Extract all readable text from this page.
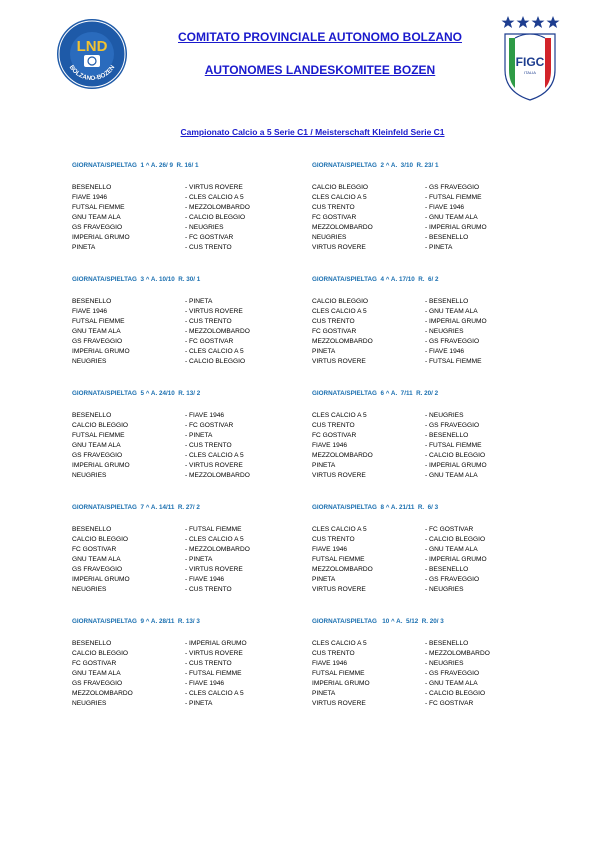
LND
BOLZANO-BOZEN	FIGC
ITALIA
COMITATO PROVINCIALE AUTONOMO BOLZANO
AUTONOMES LANDESKOMITEE BOZEN
Campionato Calcio a 5 Serie C1 / Meisterschaft Kleinfeld Serie C1
GIORNATA/SPIELTAG  1 ^ A. 26/ 9  R. 16/ 1
BESENELLO	- VIRTUS ROVERE
FIAVE 1946	- CLES CALCIO A 5
FUTSAL FIEMME	- MEZZOLOMBARDO
GNU TEAM ALA	- CALCIO BLEGGIO
GS FRAVEGGIO	- NEUGRIES
IMPERIAL GRUMO	- FC GOSTIVAR
PINETA	- CUS TRENTO
GIORNATA/SPIELTAG  2 ^ A.  3/10  R. 23/ 1
CALCIO BLEGGIO	- GS FRAVEGGIO
CLES CALCIO A 5	- FUTSAL FIEMME
CUS TRENTO	- FIAVE 1946
FC GOSTIVAR	- GNU TEAM ALA
MEZZOLOMBARDO	- IMPERIAL GRUMO
NEUGRIES	- BESENELLO
VIRTUS ROVERE	- PINETA
GIORNATA/SPIELTAG  3 ^ A. 10/10  R. 30/ 1
BESENELLO	- PINETA
FIAVE 1946	- VIRTUS ROVERE
FUTSAL FIEMME	- CUS TRENTO
GNU TEAM ALA	- MEZZOLOMBARDO
GS FRAVEGGIO	- FC GOSTIVAR
IMPERIAL GRUMO	- CLES CALCIO A 5
NEUGRIES	- CALCIO BLEGGIO
GIORNATA/SPIELTAG  4 ^ A. 17/10  R.  6/ 2
CALCIO BLEGGIO	- BESENELLO
CLES CALCIO A 5	- GNU TEAM ALA
CUS TRENTO	- IMPERIAL GRUMO
FC GOSTIVAR	- NEUGRIES
MEZZOLOMBARDO	- GS FRAVEGGIO
PINETA	- FIAVE 1946
VIRTUS ROVERE	- FUTSAL FIEMME
GIORNATA/SPIELTAG  5 ^ A. 24/10  R. 13/ 2
BESENELLO	- FIAVE 1946
CALCIO BLEGGIO	- FC GOSTIVAR
FUTSAL FIEMME	- PINETA
GNU TEAM ALA	- CUS TRENTO
GS FRAVEGGIO	- CLES CALCIO A 5
IMPERIAL GRUMO	- VIRTUS ROVERE
NEUGRIES	- MEZZOLOMBARDO
GIORNATA/SPIELTAG  6 ^ A.  7/11  R. 20/ 2
CLES CALCIO A 5	- NEUGRIES
CUS TRENTO	- GS FRAVEGGIO
FC GOSTIVAR	- BESENELLO
FIAVE 1946	- FUTSAL FIEMME
MEZZOLOMBARDO	- CALCIO BLEGGIO
PINETA	- IMPERIAL GRUMO
VIRTUS ROVERE	- GNU TEAM ALA
GIORNATA/SPIELTAG  7 ^ A. 14/11  R. 27/ 2
BESENELLO	- FUTSAL FIEMME
CALCIO BLEGGIO	- CLES CALCIO A 5
FC GOSTIVAR	- MEZZOLOMBARDO
GNU TEAM ALA	- PINETA
GS FRAVEGGIO	- VIRTUS ROVERE
IMPERIAL GRUMO	- FIAVE 1946
NEUGRIES	- CUS TRENTO
GIORNATA/SPIELTAG  8 ^ A. 21/11  R.  6/ 3
CLES CALCIO A 5	- FC GOSTIVAR
CUS TRENTO	- CALCIO BLEGGIO
FIAVE 1946	- GNU TEAM ALA
FUTSAL FIEMME	- IMPERIAL GRUMO
MEZZOLOMBARDO	- BESENELLO
PINETA	- GS FRAVEGGIO
VIRTUS ROVERE	- NEUGRIES
GIORNATA/SPIELTAG  9 ^ A. 28/11  R. 13/ 3
BESENELLO	- IMPERIAL GRUMO
CALCIO BLEGGIO	- VIRTUS ROVERE
FC GOSTIVAR	- CUS TRENTO
GNU TEAM ALA	- FUTSAL FIEMME
GS FRAVEGGIO	- FIAVE 1946
MEZZOLOMBARDO	- CLES CALCIO A 5
NEUGRIES	- PINETA
GIORNATA/SPIELTAG   10 ^ A.  5/12  R. 20/ 3
CLES CALCIO A 5	- BESENELLO
CUS TRENTO	- MEZZOLOMBARDO
FIAVE 1946	- NEUGRIES
FUTSAL FIEMME	- GS FRAVEGGIO
IMPERIAL GRUMO	- GNU TEAM ALA
PINETA	- CALCIO BLEGGIO
VIRTUS ROVERE	- FC GOSTIVAR
